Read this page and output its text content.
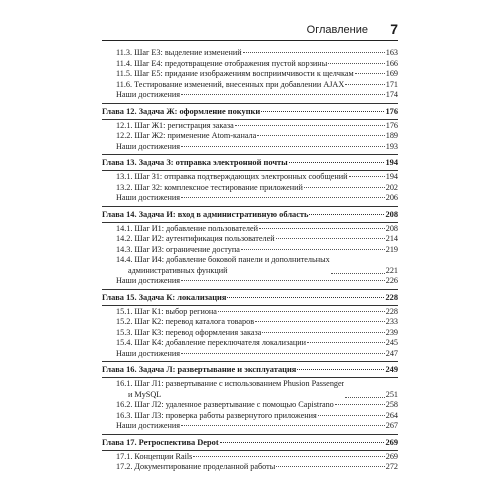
Оглавление 7
11.3. Шаг Е3: выделение изменений	163
11.4. Шаг Е4: предотвращение отображения пустой корзины	166
11.5. Шаг Е5: придание изображениям восприимчивости к щелчкам	169
11.6. Тестирование изменений, внесенных при добавлении AJAX	171
Наши достижения	174
Глава 12. Задача Ж: оформление покупки	176
12.1. Шаг Ж1: регистрация заказа	176
12.2. Шаг Ж2: применение Atom-канала	189
Наши достижения	193
Глава 13. Задача З: отправка электронной почты	194
13.1. Шаг З1: отправка подтверждающих электронных сообщений	194
13.2. Шаг З2: комплексное тестирование приложений	202
Наши достижения	206
Глава 14. Задача И: вход в административную область	208
14.1. Шаг И1: добавление пользователей	208
14.2. Шаг И2: аутентификация пользователей	214
14.3. Шаг И3: ограничение доступа	219
14.4. Шаг И4: добавление боковой панели и дополнительных
административных функций	221
Наши достижения	226
Глава 15. Задача К: локализация	228
15.1. Шаг К1: выбор региона	228
15.2. Шаг К2: перевод каталога товаров	233
15.3. Шаг К3: перевод оформления заказа	239
15.4. Шаг К4: добавление переключателя локализации	245
Наши достижения	247
Глава 16. Задача Л: развертывание и эксплуатация	249
16.1. Шаг Л1: развертывание с использованием Phusion Passenger
и MySQL	251
16.2. Шаг Л2: удаленное развертывание с помощью Capistrano	258
16.3. Шаг Л3: проверка работы развернутого приложения	264
Наши достижения	267
Глава 17. Ретроспектива Depot	269
17.1. Концепции Rails	269
17.2. Документирование проделанной работы	272
